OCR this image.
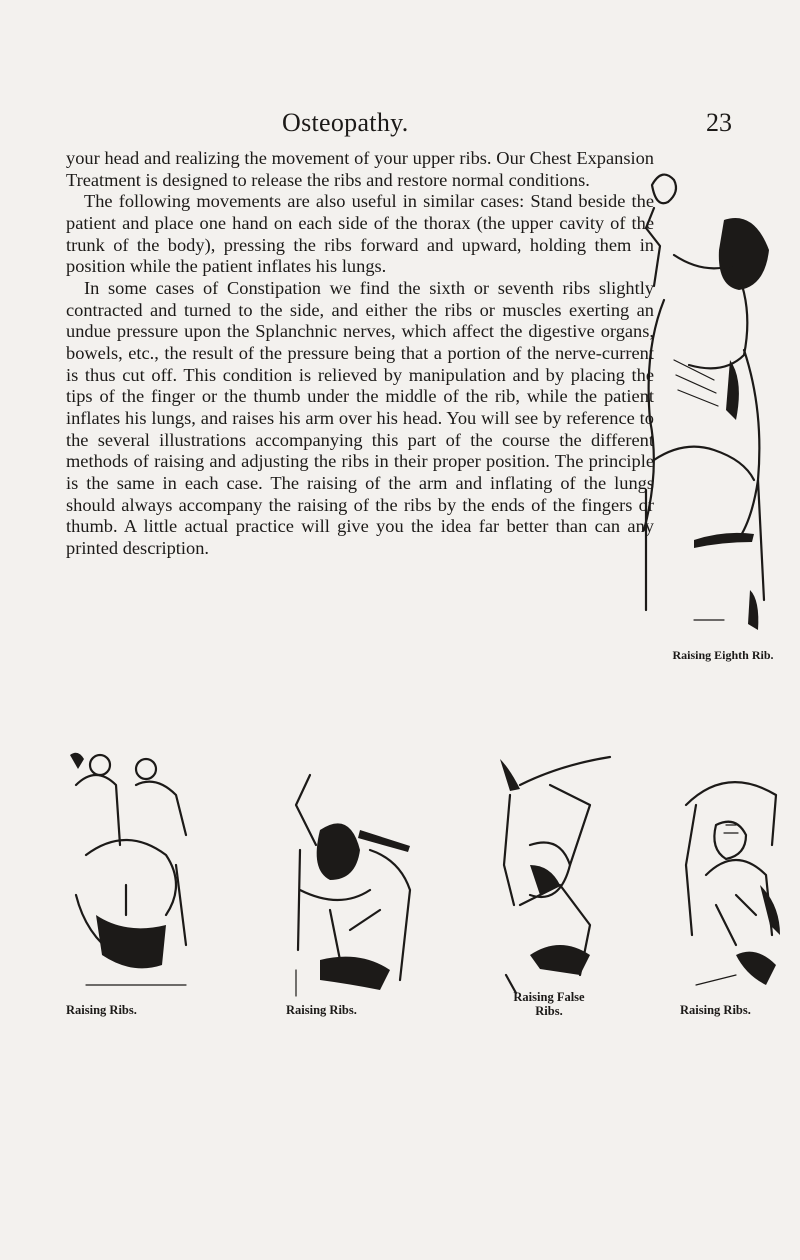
Osteopathy.	23

your head and realizing the movement of your upper ribs. Our Chest Expansion Treatment is designed to release the ribs and restore normal conditions.

The following movements are also useful in similar cases: Stand beside the patient and place one hand on each side of the thorax (the upper cavity of the trunk of the body), pressing the ribs forward and upward, holding them in position while the patient inflates his lungs.

In some cases of Constipation we find the sixth or seventh ribs slightly contracted and turned to the side, and either the ribs or muscles exerting an undue pressure upon the Splanchnic nerves, which affect the digestive organs, bowels, etc., the result of the pressure being that a portion of the nerve-current is thus cut off. This condition is relieved by manipulation and by placing the tips of the finger or the thumb under the middle of the rib, while the patient inflates his lungs, and raises his arm over his head. You will see by reference to the several illustrations accompanying this part of the course the different methods of raising and adjusting the ribs in their proper position. The principle is the same in each case. The raising of the arm and inflating of the lungs should always accompany the raising of the ribs by the ends of the fingers or thumb. A little actual practice will give you the idea far better than can any printed description.

Raising Eighth Rib.
Raising Ribs.	Raising Ribs.
Raising False
Ribs.	Raising Ribs.
